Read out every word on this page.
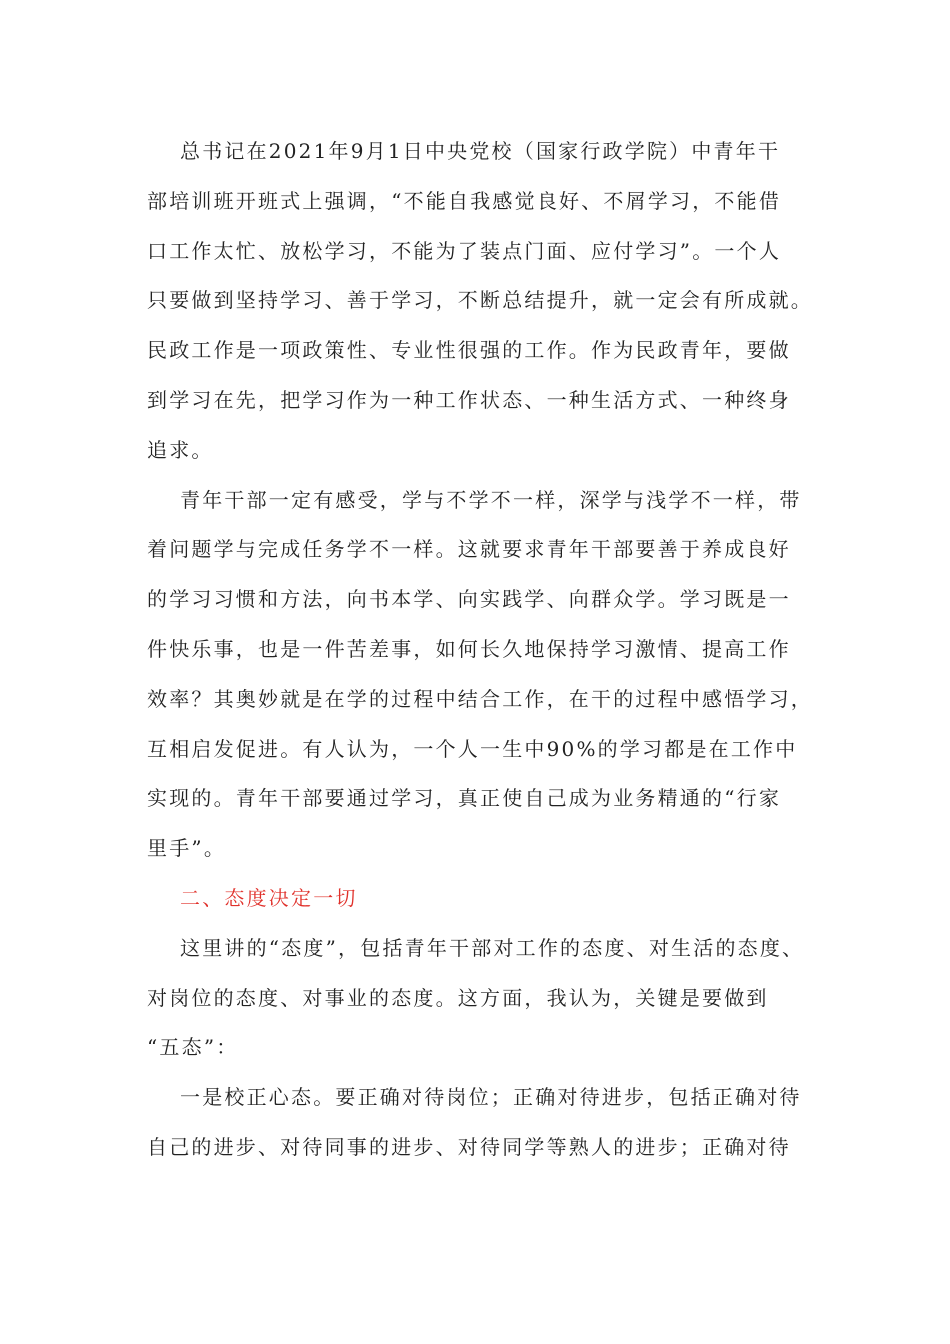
总书记在2021年9月1日中央党校（国家行政学院）中青年干
部培训班开班式上强调，“不能自我感觉良好、不屑学习，不能借
口工作太忙、放松学习，不能为了装点门面、应付学习”。一个人
只要做到坚持学习、善于学习，不断总结提升，就一定会有所成就。
民政工作是一项政策性、专业性很强的工作。作为民政青年，要做
到学习在先，把学习作为一种工作状态、一种生活方式、一种终身
追求。
青年干部一定有感受，学与不学不一样，深学与浅学不一样，带
着问题学与完成任务学不一样。这就要求青年干部要善于养成良好
的学习习惯和方法，向书本学、向实践学、向群众学。学习既是一
件快乐事，也是一件苦差事，如何长久地保持学习激情、提高工作
效率？其奥妙就是在学的过程中结合工作，在干的过程中感悟学习，
互相启发促进。有人认为，一个人一生中90%的学习都是在工作中
实现的。青年干部要通过学习，真正使自己成为业务精通的“行家
里手”。
二、态度决定一切
这里讲的“态度”，包括青年干部对工作的态度、对生活的态度、
对岗位的态度、对事业的态度。这方面，我认为，关键是要做到
“五态”：
一是校正心态。要正确对待岗位；正确对待进步，包括正确对待
自己的进步、对待同事的进步、对待同学等熟人的进步；正确对待
